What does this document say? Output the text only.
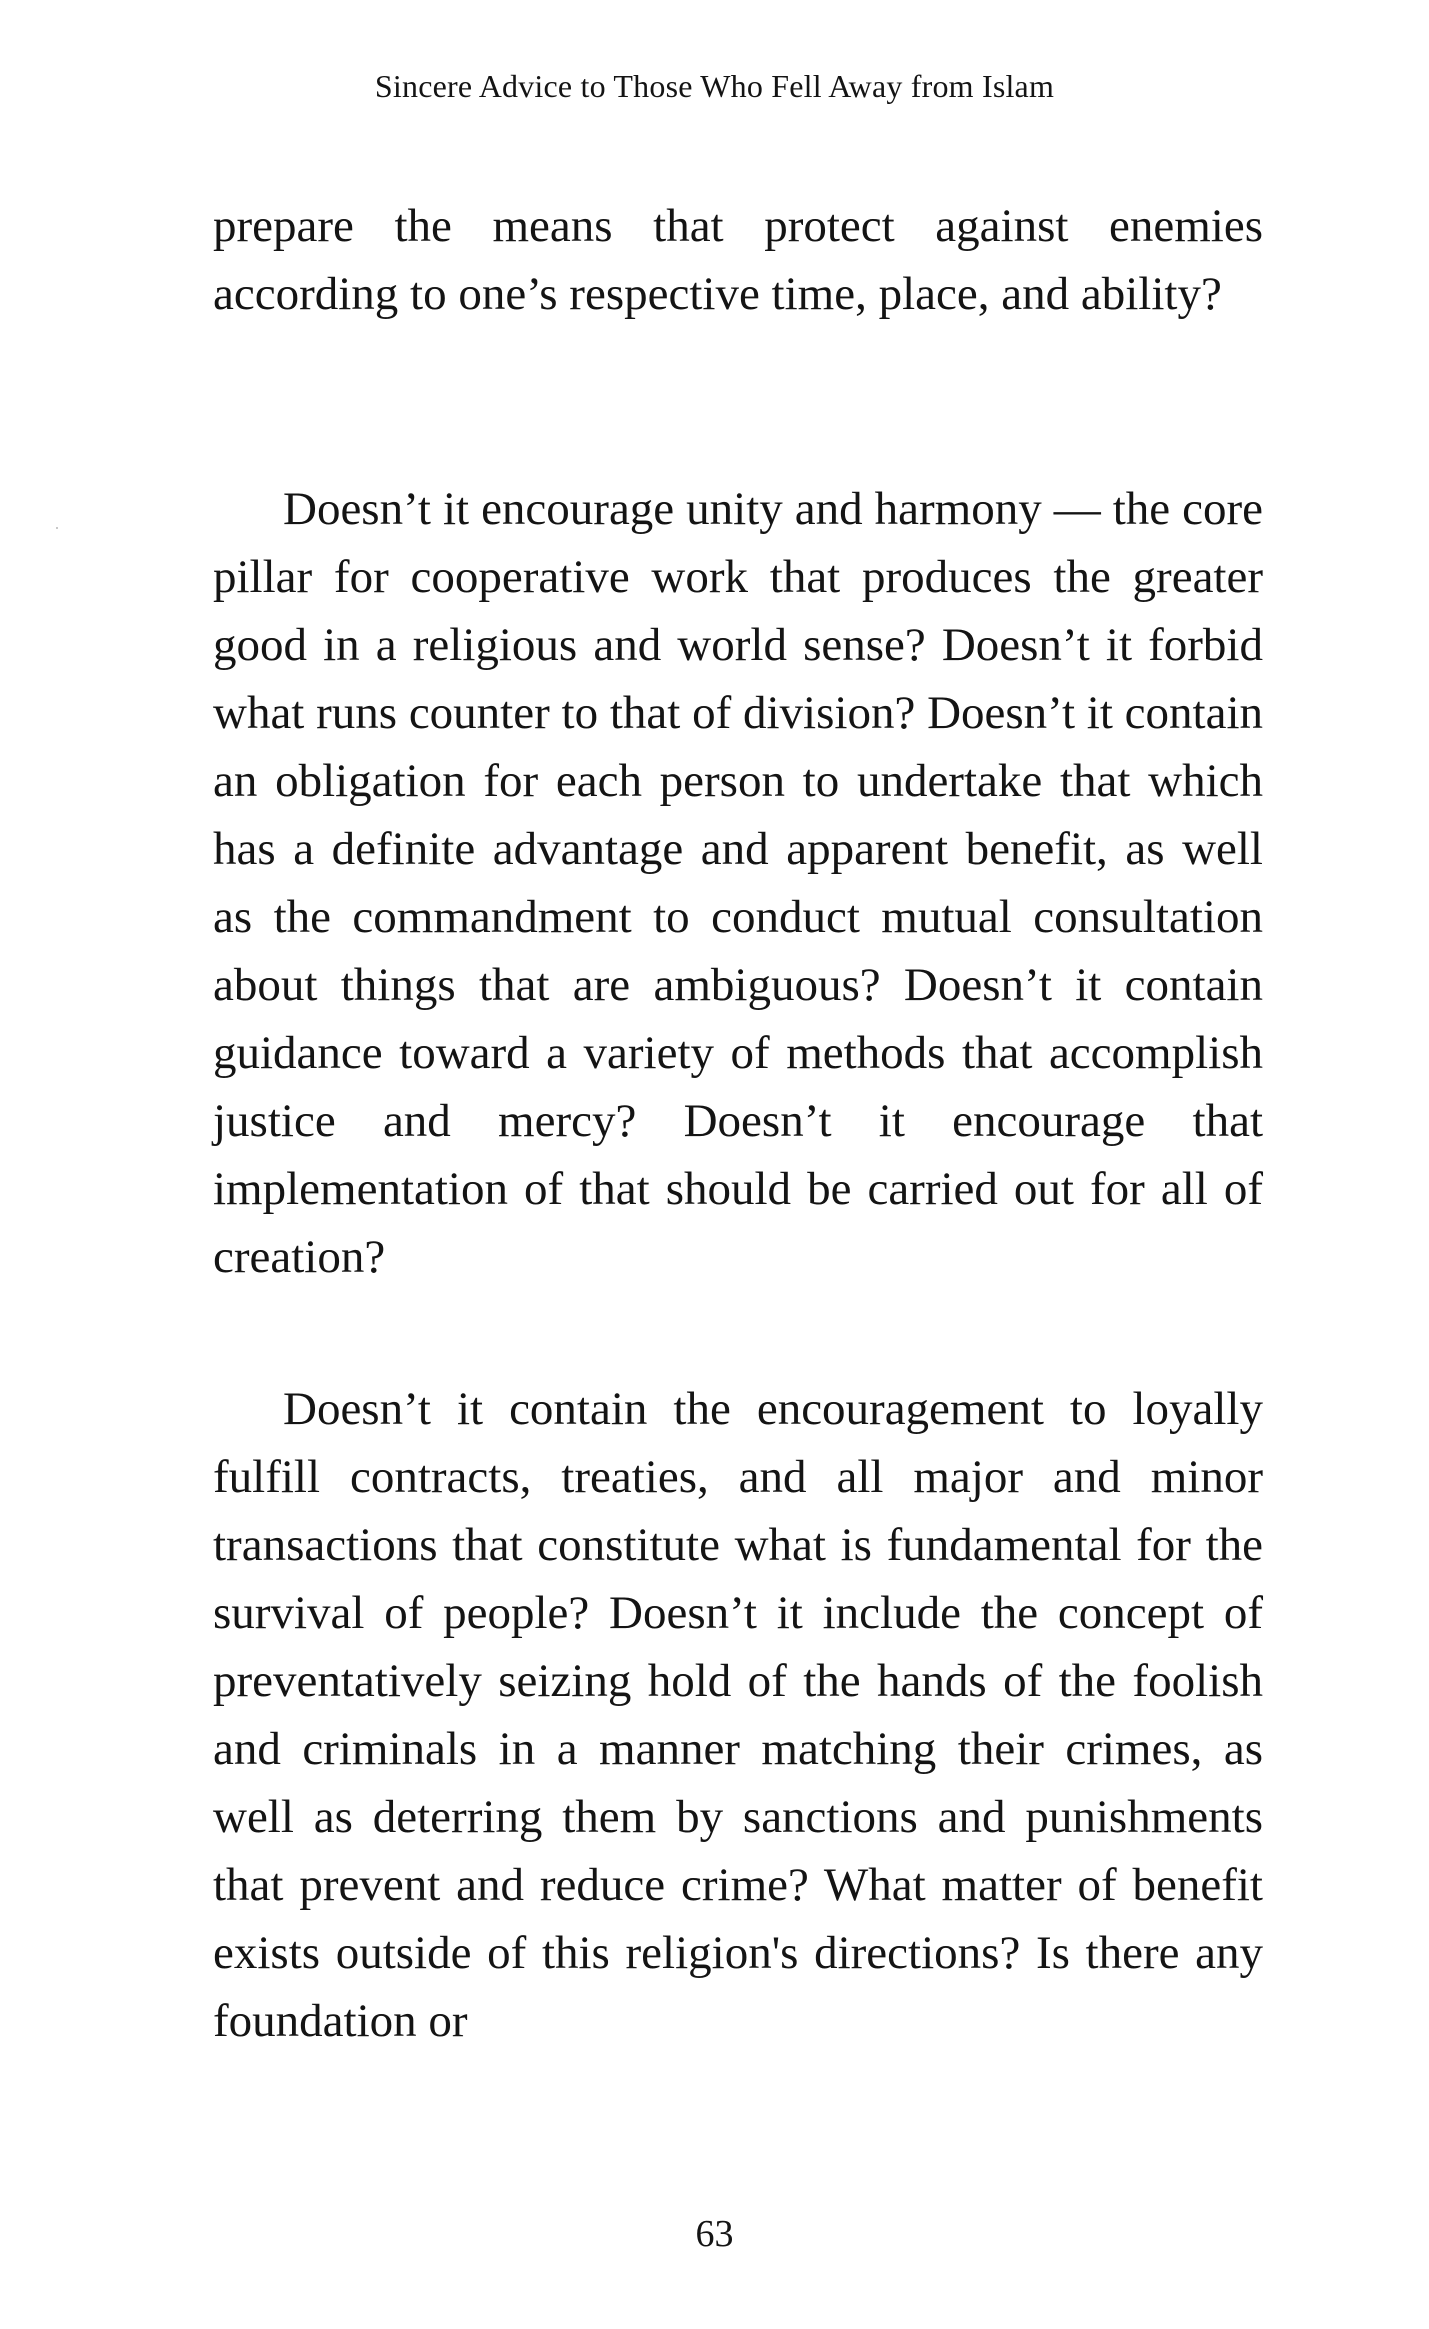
Sincere Advice to Those Who Fell Away from Islam

prepare the means that protect against enemies according to one’s respective time, place, and ability?

Doesn’t it encourage unity and harmony — the core pillar for cooperative work that produces the greater good in a religious and world sense? Doesn’t it forbid what runs counter to that of division? Doesn’t it contain an obligation for each person to undertake that which has a definite advantage and apparent benefit, as well as the commandment to conduct mutual consultation about things that are ambiguous? Doesn’t it contain guidance toward a variety of methods that accomplish justice and mercy? Doesn’t it encourage that implementation of that should be carried out for all of creation?

Doesn’t it contain the encouragement to loyally fulfill contracts, treaties, and all major and minor transactions that constitute what is fundamental for the survival of people? Doesn’t it include the concept of preventatively seizing hold of the hands of the foolish and criminals in a manner matching their crimes, as well as deterring them by sanctions and punishments that prevent and reduce crime? What matter of benefit exists outside of this religion's directions? Is there any foundation or

63
